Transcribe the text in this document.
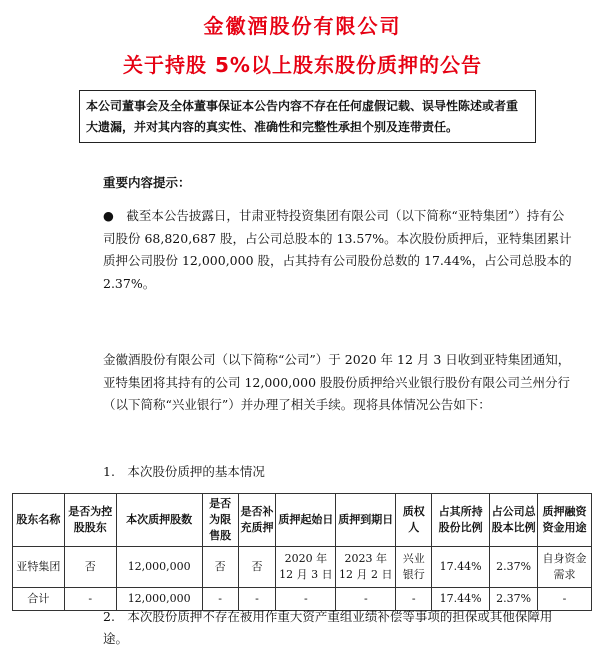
金徽酒股份有限公司
关于持股 5%以上股东股份质押的公告
本公司董事会及全体董事保证本公告内容不存在任何虚假记载、误导性陈述或者重大遗漏，并对其内容的真实性、准确性和完整性承担个别及连带责任。
重要内容提示：
●　截至本公告披露日，甘肃亚特投资集团有限公司（以下简称“亚特集团”）持有公司股份 68,820,687 股，占公司总股本的 13.57%。本次股份质押后，亚特集团累计质押公司股份 12,000,000 股，占其持有公司股份总数的 17.44%，占公司总股本的 2.37%。
金徽酒股份有限公司（以下简称“公司”）于 2020 年 12 月 3 日收到亚特集团通知，亚特集团将其持有的公司 12,000,000 股股份质押给兴业银行股份有限公司兰州分行（以下简称“兴业银行”）并办理了相关手续。现将具体情况公告如下：
1.　本次股份质押的基本情况
股东名称	是否为控股股东	本次质押股数	是否为限售股	是否补充质押	质押起始日	质押到期日	质权人	占其所持股份比例	占公司总股本比例	质押融资资金用途
亚特集团	否	12,000,000	否	否	2020 年 12 月 3 日	2023 年 12 月 2 日	兴业银行	17.44%	2.37%	自身资金需求
合计	-	12,000,000	-	-	-	-	-	17.44%	2.37%	-
2.　本次股份质押不存在被用作重大资产重组业绩补偿等事项的担保或其他保障用途。
